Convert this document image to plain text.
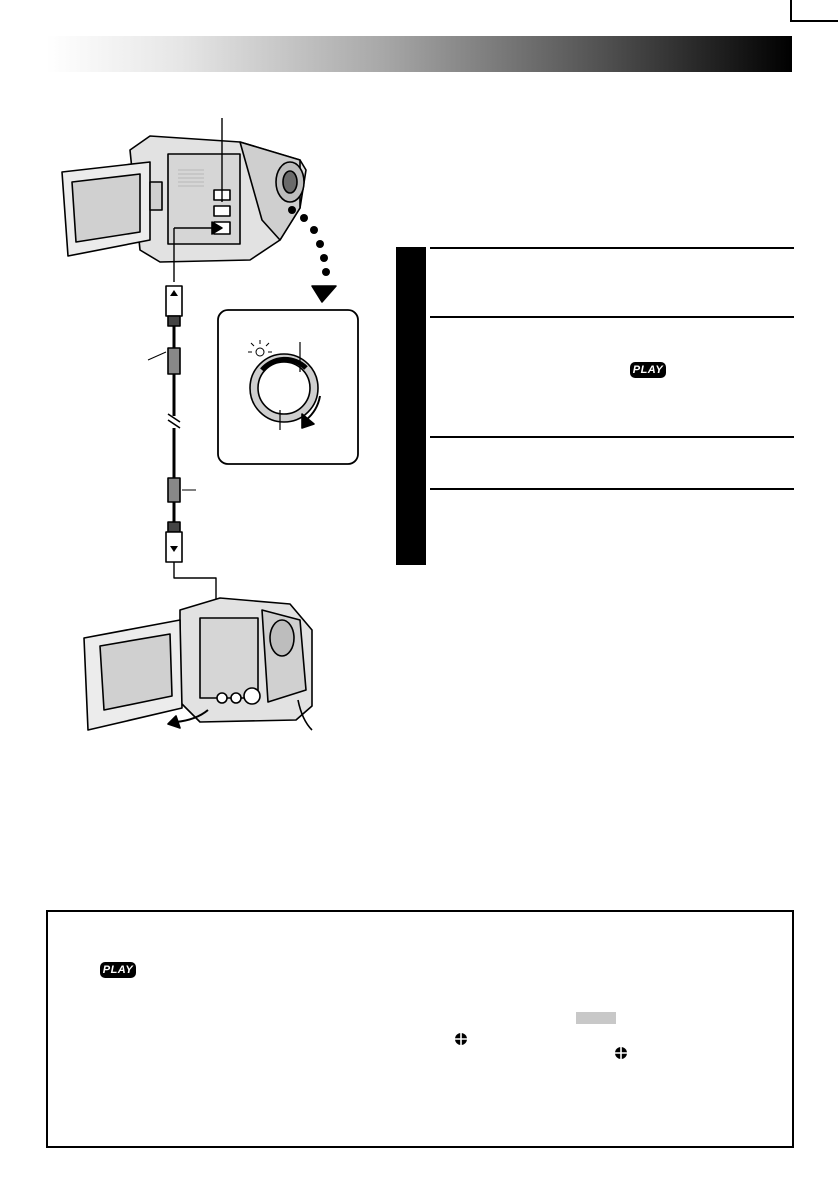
PLAY
PLAY
